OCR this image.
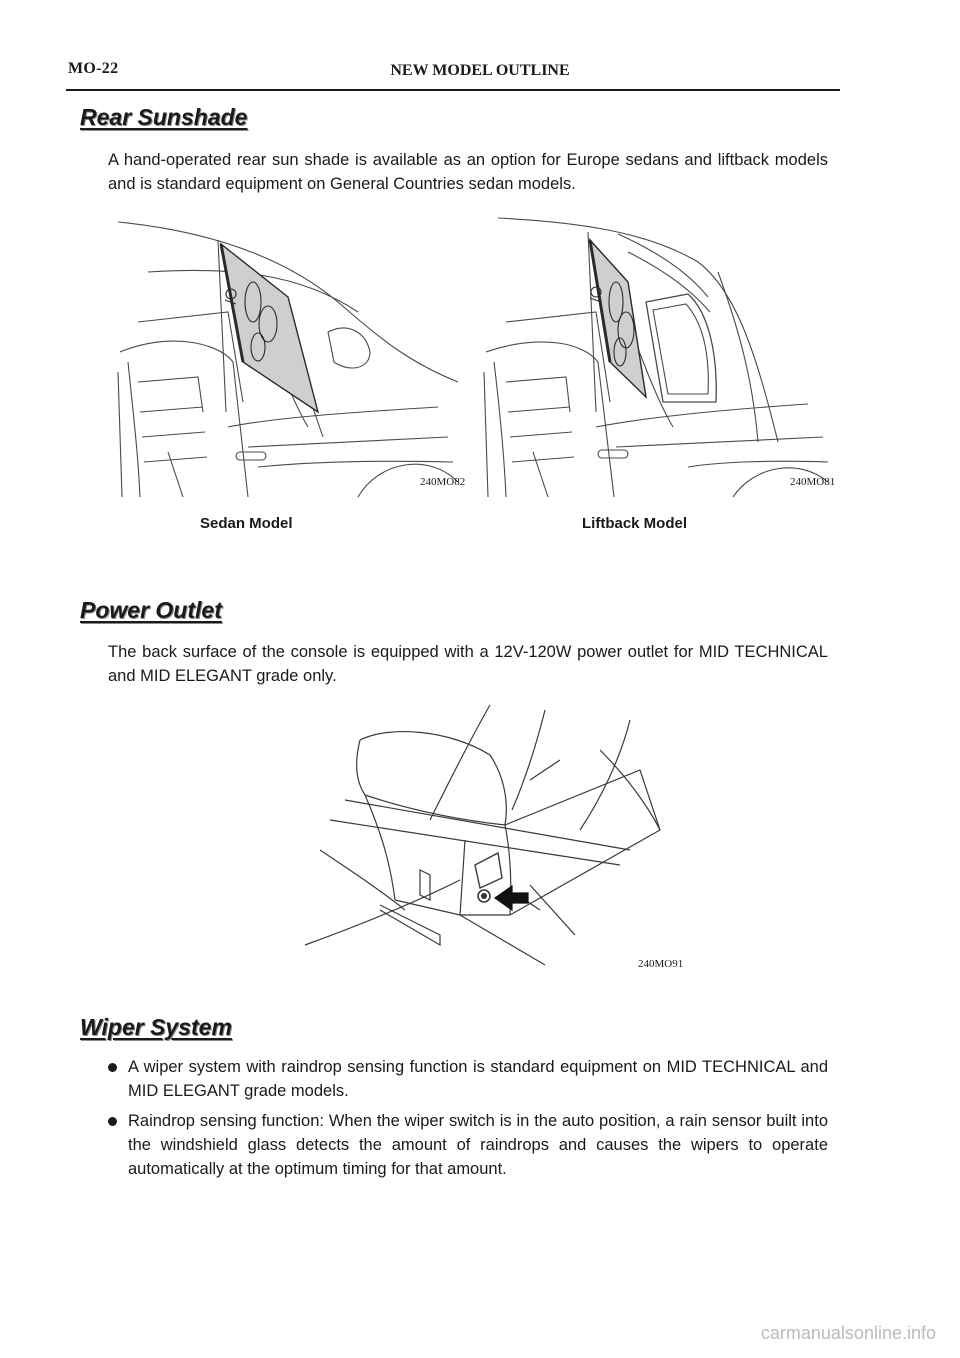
MO-22	NEW MODEL OUTLINE
Rear Sunshade

A hand-operated rear sun shade is available as an option for Europe sedans and liftback models and is standard equipment on General Countries sedan models.

240MO82
Sedan Model
240MO81
Liftback Model
Power Outlet

The back surface of the console is equipped with a 12V-120W power outlet for MID TECHNICAL and MID ELEGANT grade only.

240MO91
Wiper System
A wiper system with raindrop sensing function is standard equipment on MID TECHNICAL and MID ELEGANT grade models.
Raindrop sensing function: When the wiper switch is in the auto position, a rain sensor built into the windshield glass detects the amount of raindrops and causes the wipers to operate automatically at the optimum timing for that amount.
carmanualsonline.info
